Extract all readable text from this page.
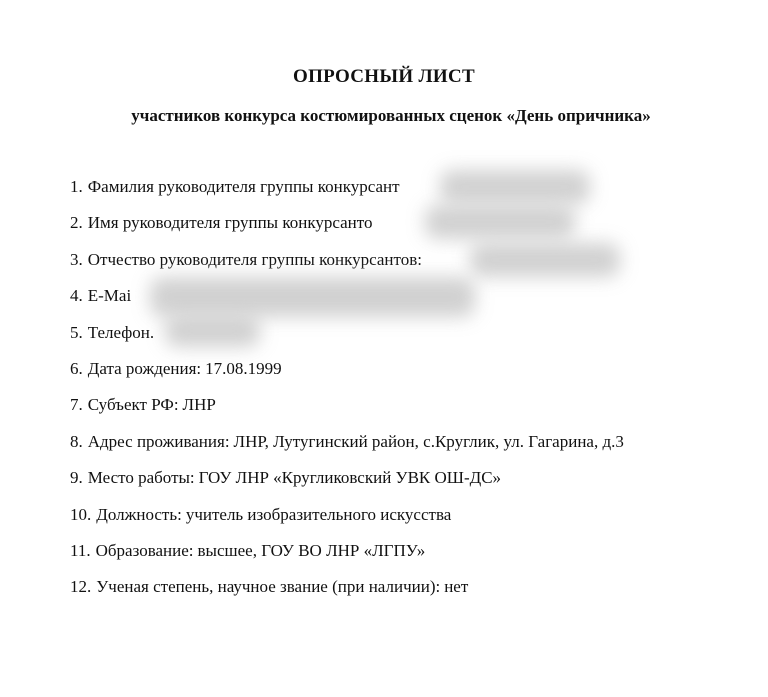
ОПРОСНЫЙ ЛИСТ
участников конкурса костюмированных сценок «День опричника»
1. Фамилия руководителя группы конкурсант
2. Имя руководителя группы конкурсанто
3. Отчество руководителя группы конкурсантов:
4. E-Mai
5. Телефон.
6. Дата рождения: 17.08.1999
7. Субъект РФ: ЛНР
8. Адрес проживания: ЛНР, Лутугинский район, с.Круглик, ул. Гагарина, д.3
9. Место работы: ГОУ ЛНР «Кругликовский УВК ОШ-ДС»
10. Должность: учитель изобразительного искусства
11. Образование: высшее, ГОУ ВО ЛНР «ЛГПУ»
12. Ученая степень, научное звание (при наличии): нет
